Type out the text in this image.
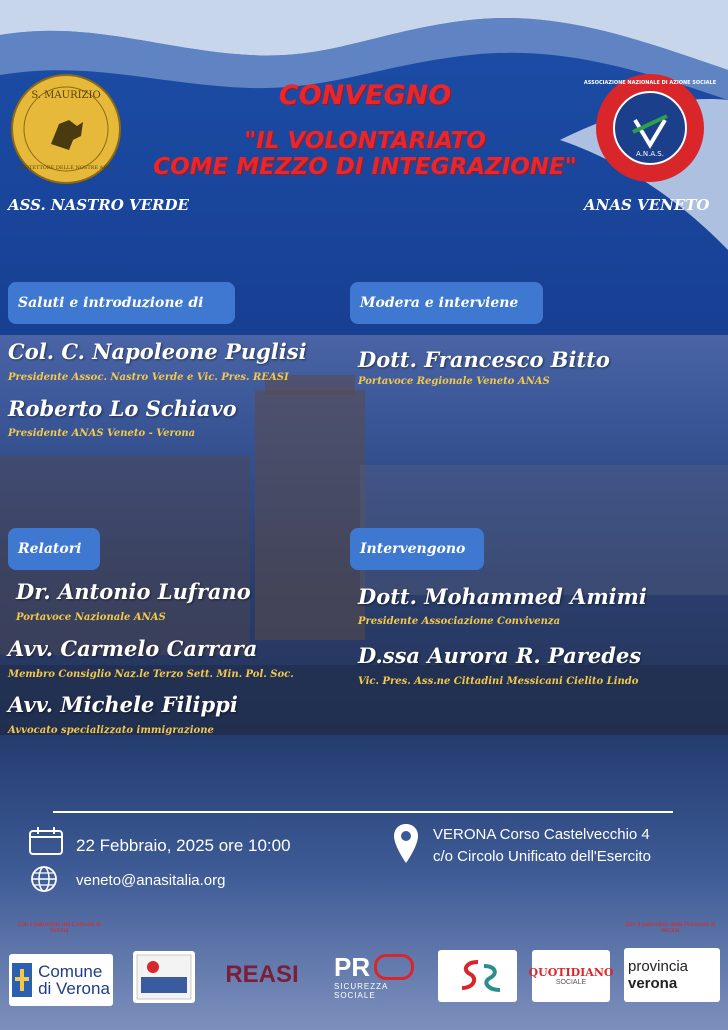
S. MAURIZIO
PROTETTORE DELLE NOSTRE ARMI
ASS. NASTRO VERDE
A.N.A.S.
ASSOCIAZIONE NAZIONALE DI AZIONE SOCIALE
ANAS VENETO
CONVEGNO
"IL VOLONTARIATO
COME MEZZO DI INTEGRAZIONE"
Saluti e introduzione di	Modera e interviene
Relatori	Intervengono
Col. C. Napoleone Puglisi
Presidente Assoc. Nastro Verde e Vic. Pres. REASI
Roberto Lo Schiavo
Presidente ANAS Veneto - Verona
Dott. Francesco Bitto
Portavoce Regionale Veneto ANAS
Dr. Antonio Lufrano
Portavoce Nazionale ANAS
Avv. Carmelo Carrara
Membro Consiglio Naz.le Terzo Sett. Min. Pol. Soc.
Avv. Michele Filippi
Avvocato specializzato immigrazione
Dott. Mohammed Amimi
Presidente Associazione Convivenza
D.ssa Aurora R. Paredes
Vic. Pres. Ass.ne Cittadini Messicani Cielito Lindo
22 Febbraio, 2025 ore 10:00
veneto@anasitalia.org
VERONA Corso Castelvecchio 4
c/o Circolo Unificato dell'Esercito
Con il patrocinio del Comune di Verona
Con il patrocinio della Provincia di Verona
Comune
di Verona
REASI PR
SICUREZZA SOCIALE
QUOTIDIANO
SOCIALE
provincia
verona
